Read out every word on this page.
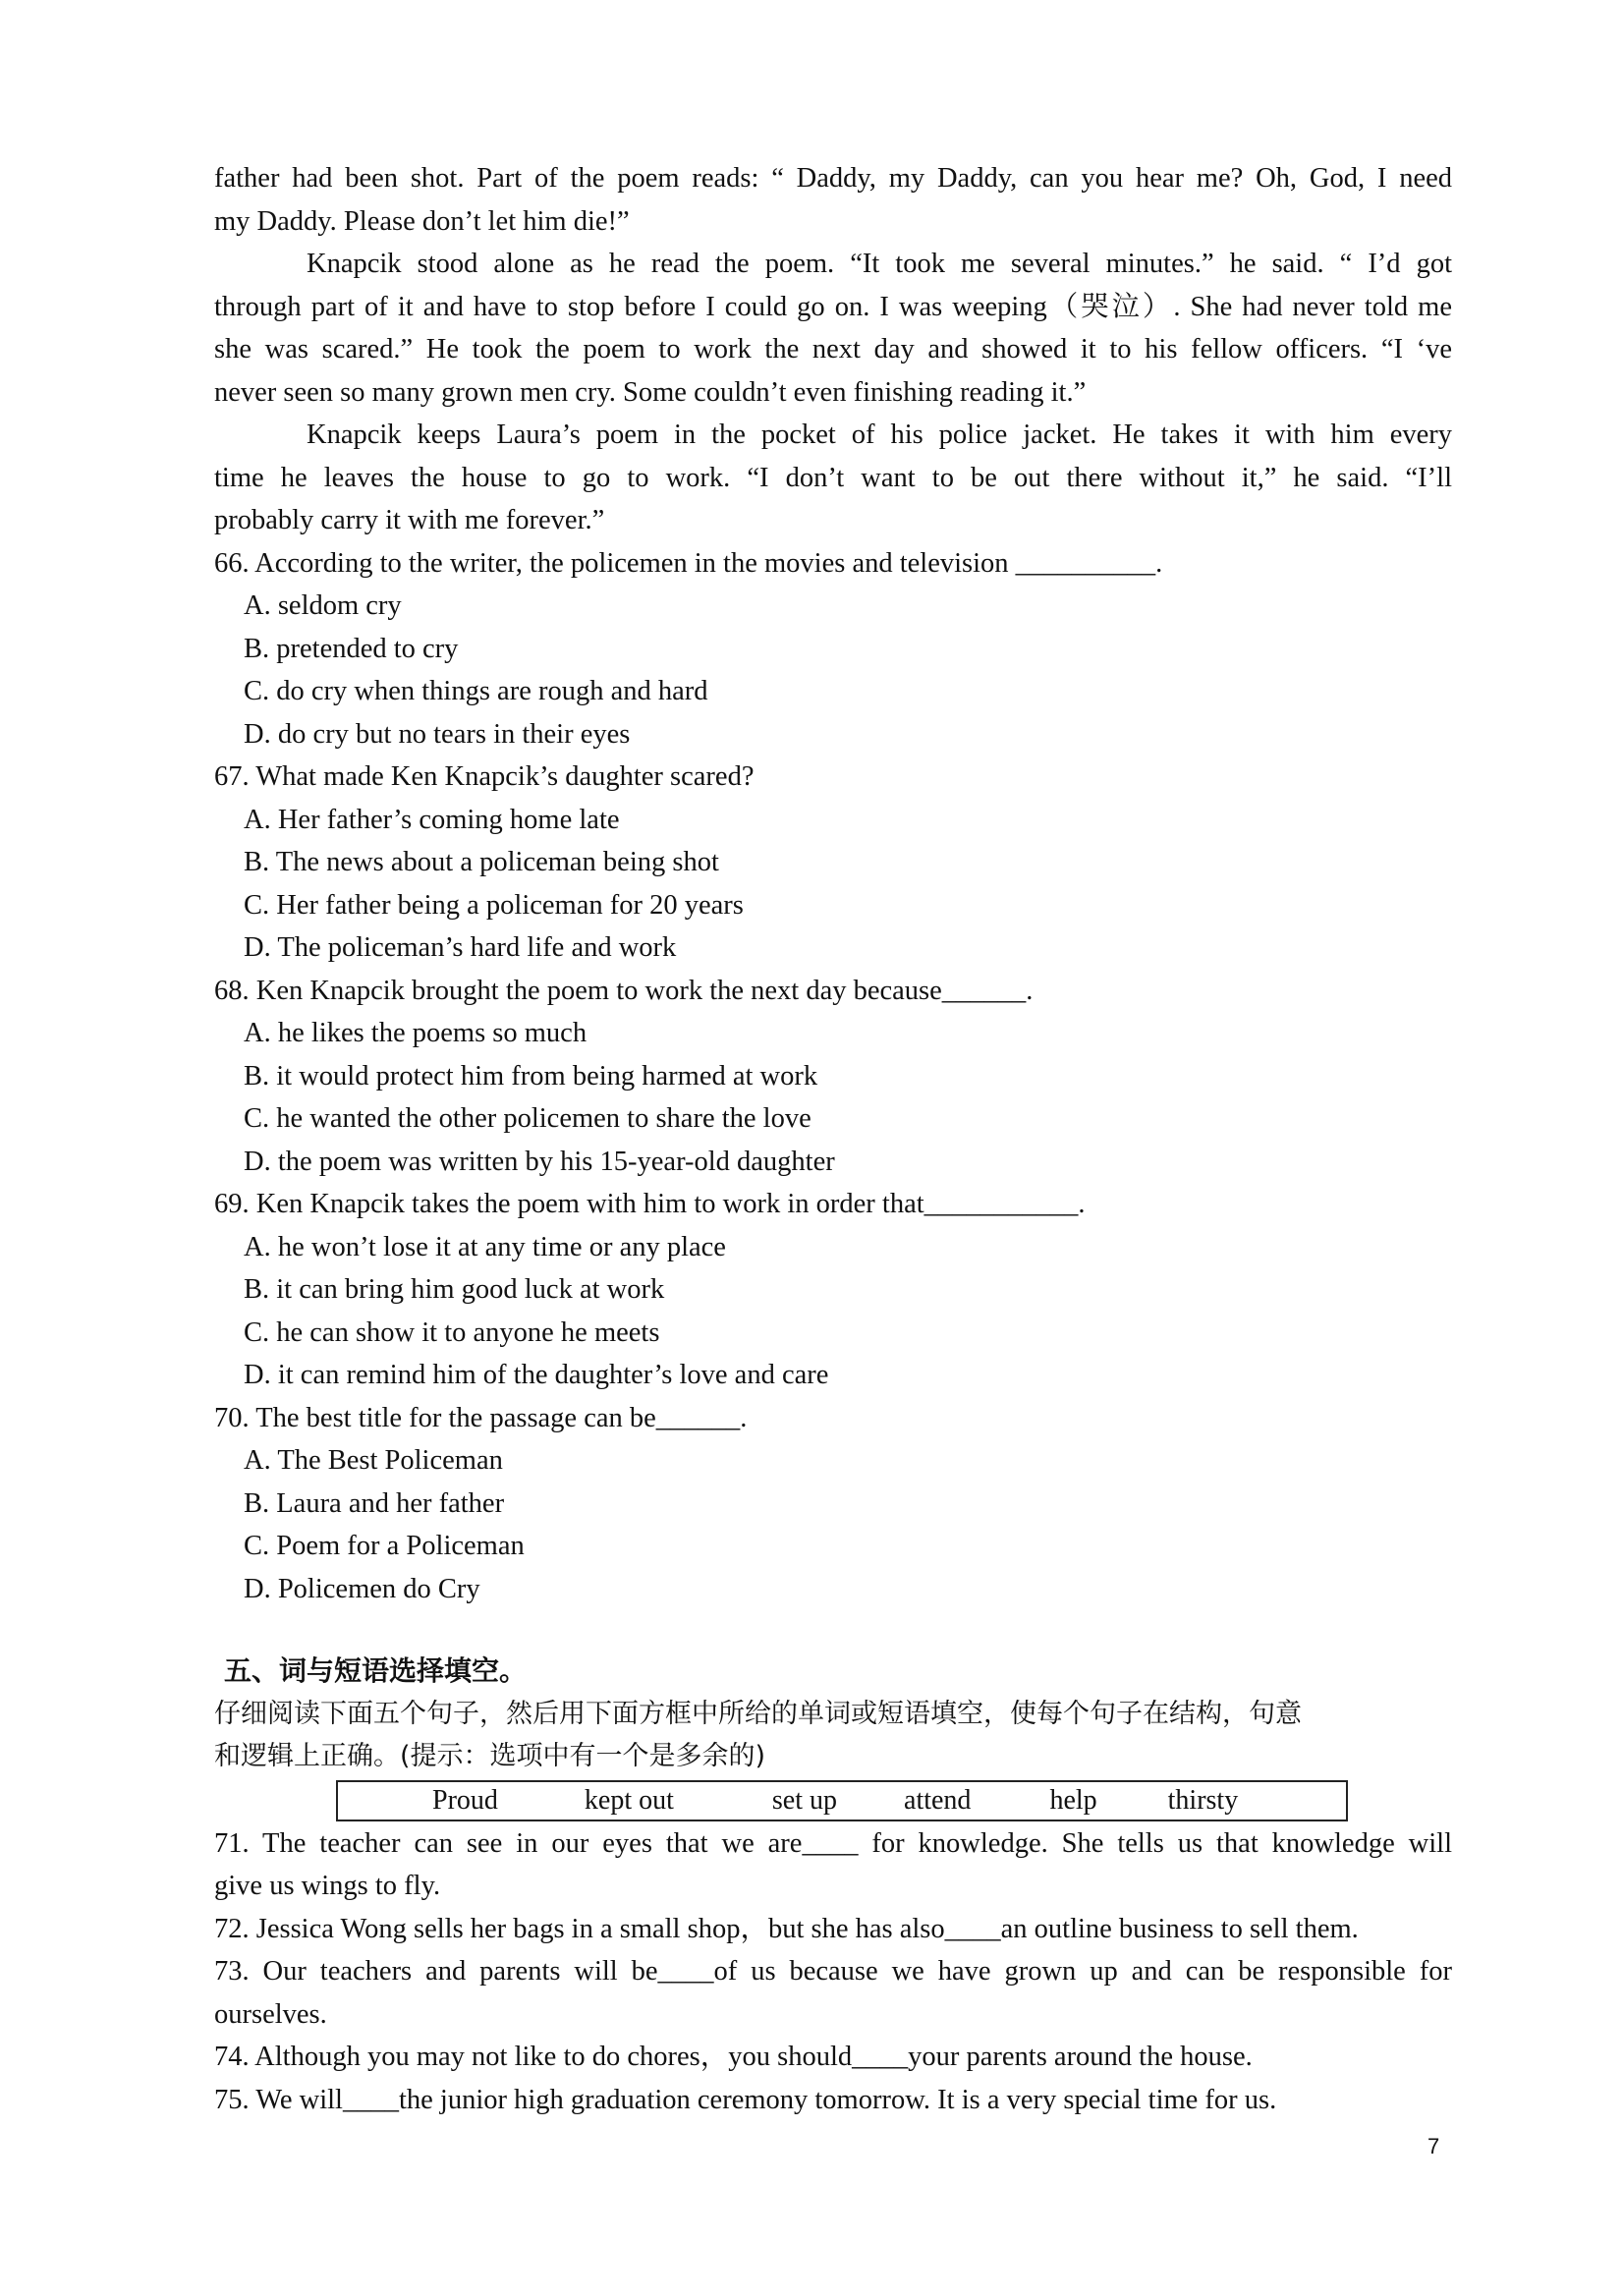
father had been shot. Part of the poem reads: “ Daddy, my Daddy, can you hear me? Oh, God, I need
my Daddy. Please don’t let him die!”
Knapcik stood alone as he read the poem. “It took me several minutes.” he said. “ I’d got
through part of it and have to stop before I could go on. I was weeping（哭泣）. She had never told me
she was scared.” He took the poem to work the next day and showed it to his fellow officers. “I ‘ve
never seen so many grown men cry. Some couldn’t even finishing reading it.”
Knapcik keeps Laura’s poem in the pocket of his police jacket. He takes it with him every
time he leaves the house to go to work. “I don’t want to be out there without it,” he said. “I’ll
probably carry it with me forever.”
66. According to the writer, the policemen in the movies and television __________.
A. seldom cry
B. pretended to cry
C. do cry when things are rough and hard
D. do cry but no tears in their eyes
67. What made Ken Knapcik’s daughter scared?
A. Her father’s coming home late
B. The news about a policeman being shot
C. Her father being a policeman for 20 years
D. The policeman’s hard life and work
68. Ken Knapcik brought the poem to work the next day because______.
A. he likes the poems so much
B. it would protect him from being harmed at work
C. he wanted the other policemen to share the love
D. the poem was written by his 15-year-old daughter
69. Ken Knapcik takes the poem with him to work in order that___________.
A. he won’t lose it at any time or any place
B. it can bring him good luck at work
C. he can show it to anyone he meets
D. it can remind him of the daughter’s love and care
70. The best title for the passage can be______.
A. The Best Policeman
B. Laura and her father
C. Poem for a Policeman
D. Policemen do Cry
五、词与短语选择填空。
仔细阅读下面五个句子，然后用下面方框中所给的单词或短语填空，使每个句子在结构，句意
和逻辑上正确。(提示：选项中有一个是多余的)
Proud	kept out	set up attend	help	thirsty
71. The teacher can see in our eyes that we are____ for knowledge. She tells us that knowledge will
give us wings to fly.
72. Jessica Wong sells her bags in a small shop，but she has also____an outline business to sell them.
73. Our teachers and parents will be____of us because we have grown up and can be responsible for
ourselves.
74. Although you may not like to do chores，you should____your parents around the house.
75. We will____the junior high graduation ceremony tomorrow. It is a very special time for us.
7
